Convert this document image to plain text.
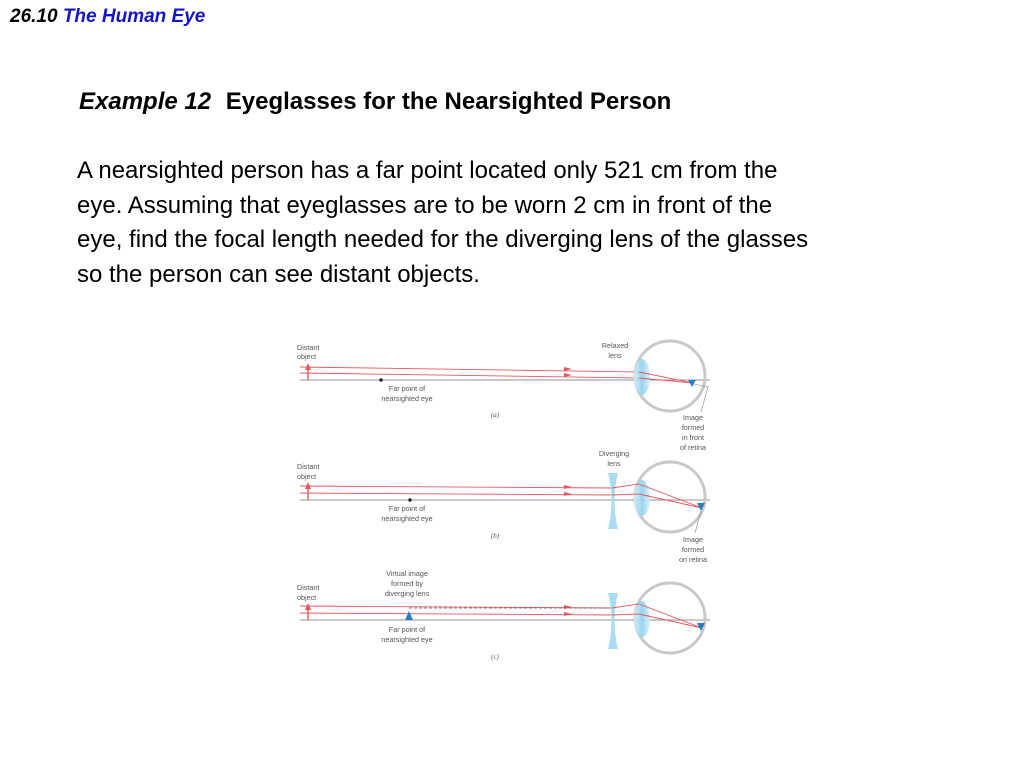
26.10 The Human Eye
Example 12 Eyeglasses for the Nearsighted Person
A nearsighted person has a far point located only 521 cm from the
eye. Assuming that eyeglasses are to be worn 2 cm in front of the
eye, find the focal length needed for the diverging lens of the glasses
so the person can see distant objects.
Distant
object
Far point of
nearsighted eye
Relaxed
lens
Image
formed
in front
of retina
(a)
Distant
object
Far point of
nearsighted eye
Diverging
lens
Image
formed
on retina
(b)
Distant
object
Virtual image
formed by
diverging lens
Far point of
nearsighted eye
(c)
